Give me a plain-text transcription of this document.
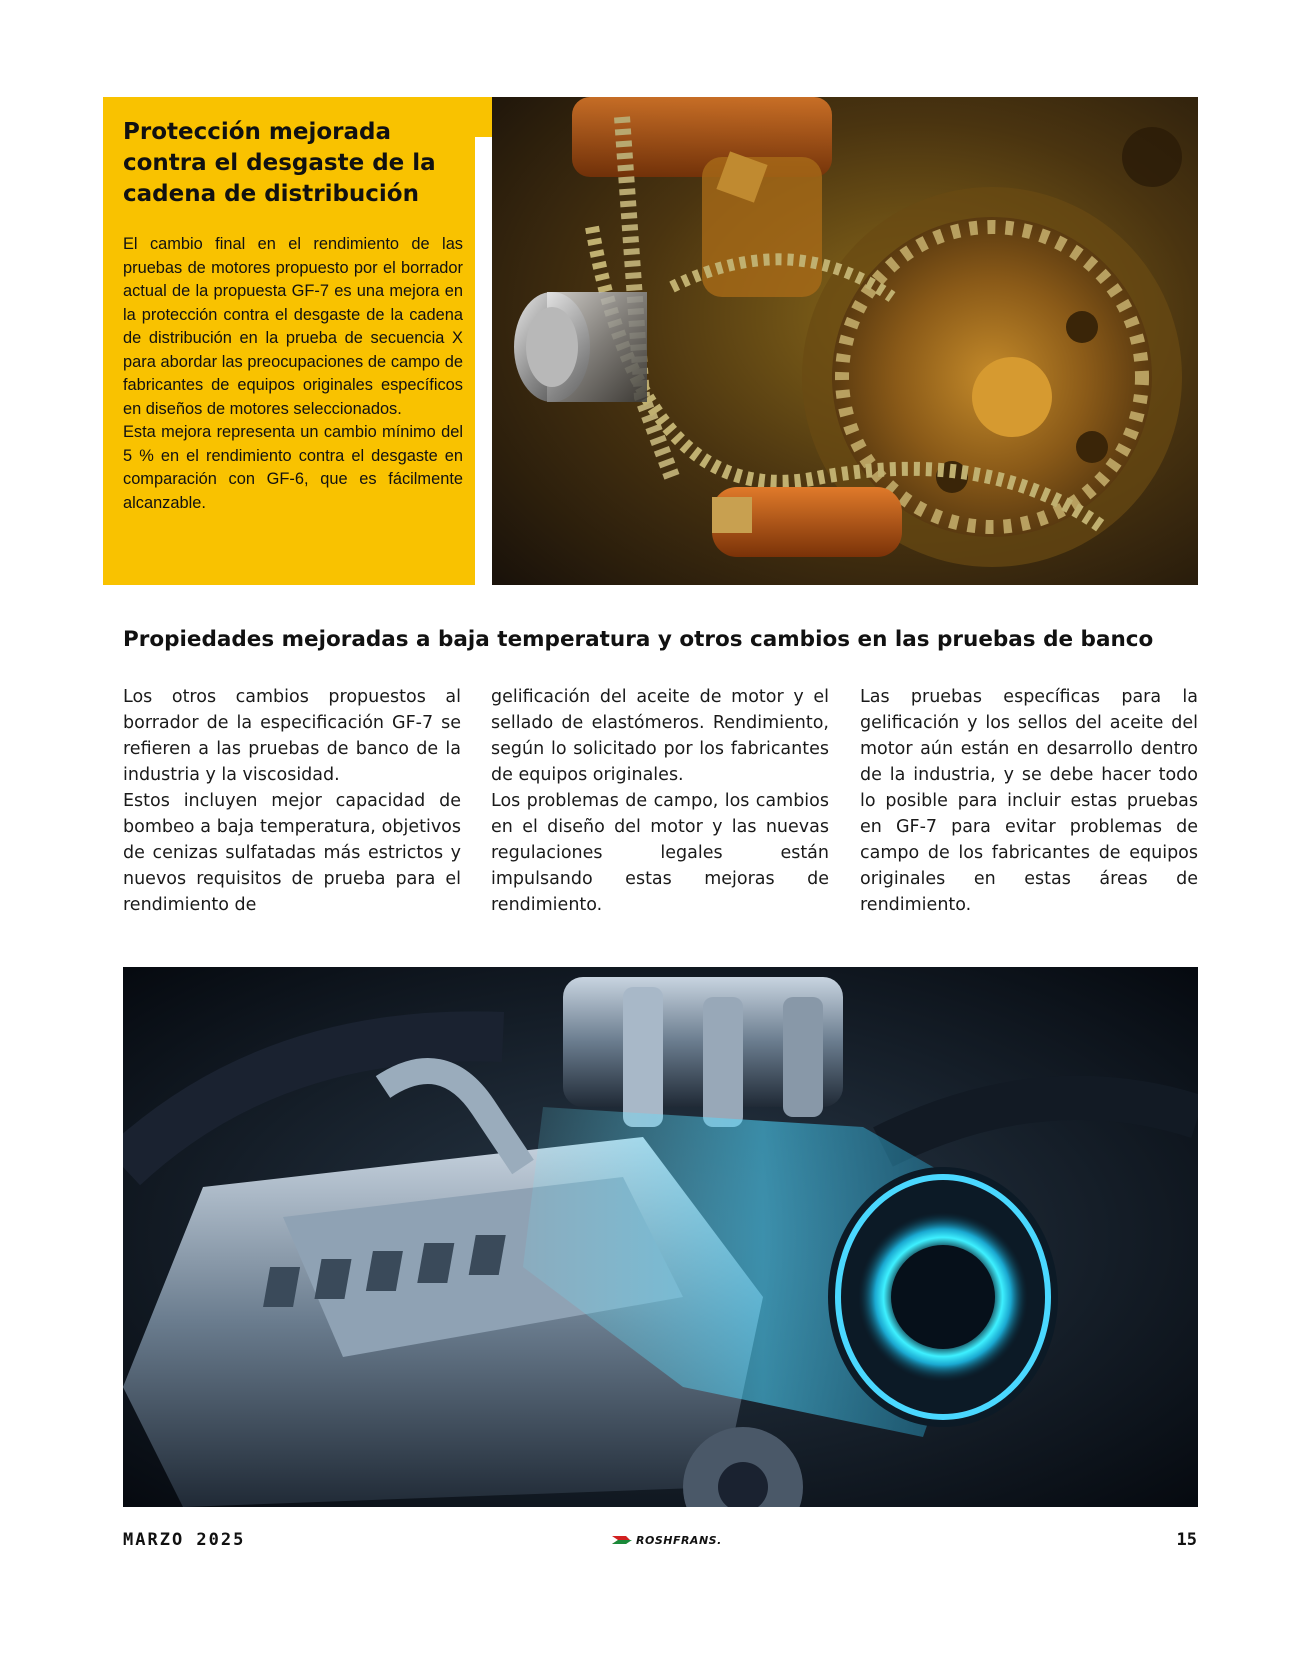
Protección mejorada contra el desgaste de la cadena de distribución

El cambio final en el rendimiento de las pruebas de motores propuesto por el borrador actual de la propuesta GF-7 es una mejora en la protección contra el desgaste de la cadena de distribución en la prueba de secuencia X para abordar las preocupaciones de campo de fabricantes de equipos originales específicos en diseños de motores seleccionados.

Esta mejora representa un cambio mínimo del 5 % en el rendimiento contra el desgaste en comparación con GF-6, que es fácilmente alcanzable.

Propiedades mejoradas a baja temperatura y otros cambios en las pruebas de banco

Los otros cambios propuestos al borrador de la especificación GF-7 se refieren a las pruebas de banco de la industria y la viscosidad.

Estos incluyen mejor capacidad de bombeo a baja temperatura, objetivos de cenizas sulfatadas más estrictos y nuevos requisitos de prueba para el rendimiento de

gelificación del aceite de motor y el sellado de elastómeros. Rendimiento, según lo solicitado por los fabricantes de equipos originales.

Los problemas de campo, los cambios en el diseño del motor y las nuevas regulaciones legales están impulsando estas mejoras de rendimiento.

Las pruebas específicas para la gelificación y los sellos del aceite del motor aún están en desarrollo dentro de la industria, y se debe hacer todo lo posible para incluir estas pruebas en GF-7 para evitar problemas de campo de los fabricantes de equipos originales en estas áreas de rendimiento.

MARZO 2025	ROSHFRANS.	15
